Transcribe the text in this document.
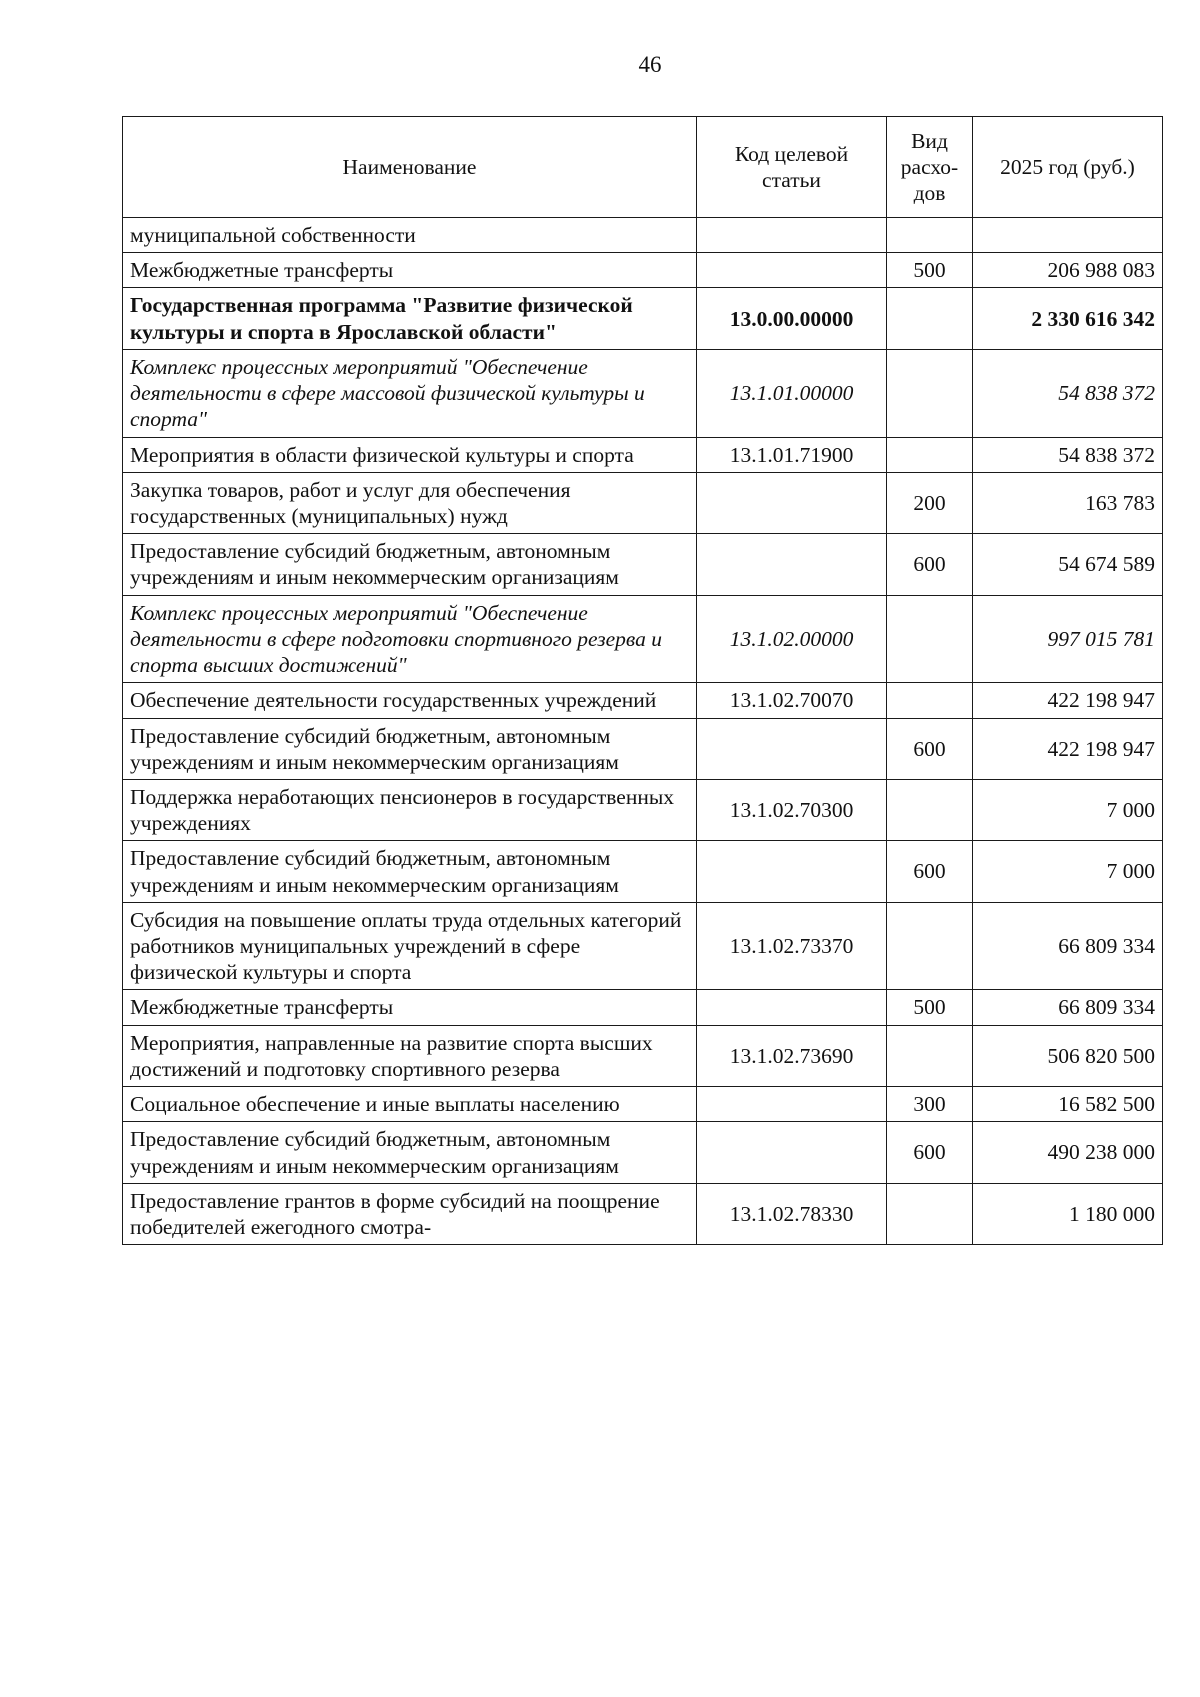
46
Наименование	Код целевой статьи	Вид расхо-дов	2025 год (руб.)
муниципальной собственности			
Межбюджетные трансферты		500	206 988 083
Государственная программа "Развитие физической культуры и спорта в Ярославской области"	13.0.00.00000		2 330 616 342
Комплекс процессных мероприятий "Обеспечение деятельности в сфере массовой физической культуры и спорта"	13.1.01.00000		54 838 372
Мероприятия в области физической культуры и спорта	13.1.01.71900		54 838 372
Закупка товаров, работ и услуг для обеспечения государственных (муниципальных) нужд		200	163 783
Предоставление субсидий бюджетным, автономным учреждениям и иным некоммерческим организациям		600	54 674 589
Комплекс процессных мероприятий "Обеспечение деятельности в сфере подготовки спортивного резерва и спорта высших достижений"	13.1.02.00000		997 015 781
Обеспечение деятельности государственных учреждений	13.1.02.70070		422 198 947
Предоставление субсидий бюджетным, автономным учреждениям и иным некоммерческим организациям		600	422 198 947
Поддержка неработающих пенсионеров в государственных учреждениях	13.1.02.70300		7 000
Предоставление субсидий бюджетным, автономным учреждениям и иным некоммерческим организациям		600	7 000
Субсидия на повышение оплаты труда отдельных категорий работников муниципальных учреждений в сфере физической культуры и спорта	13.1.02.73370		66 809 334
Межбюджетные трансферты		500	66 809 334
Мероприятия, направленные на развитие спорта высших достижений и подготовку спортивного резерва	13.1.02.73690		506 820 500
Социальное обеспечение и иные выплаты населению		300	16 582 500
Предоставление субсидий бюджетным, автономным учреждениям и иным некоммерческим организациям		600	490 238 000
Предоставление грантов в форме субсидий на поощрение победителей ежегодного смотра-	13.1.02.78330		1 180 000
